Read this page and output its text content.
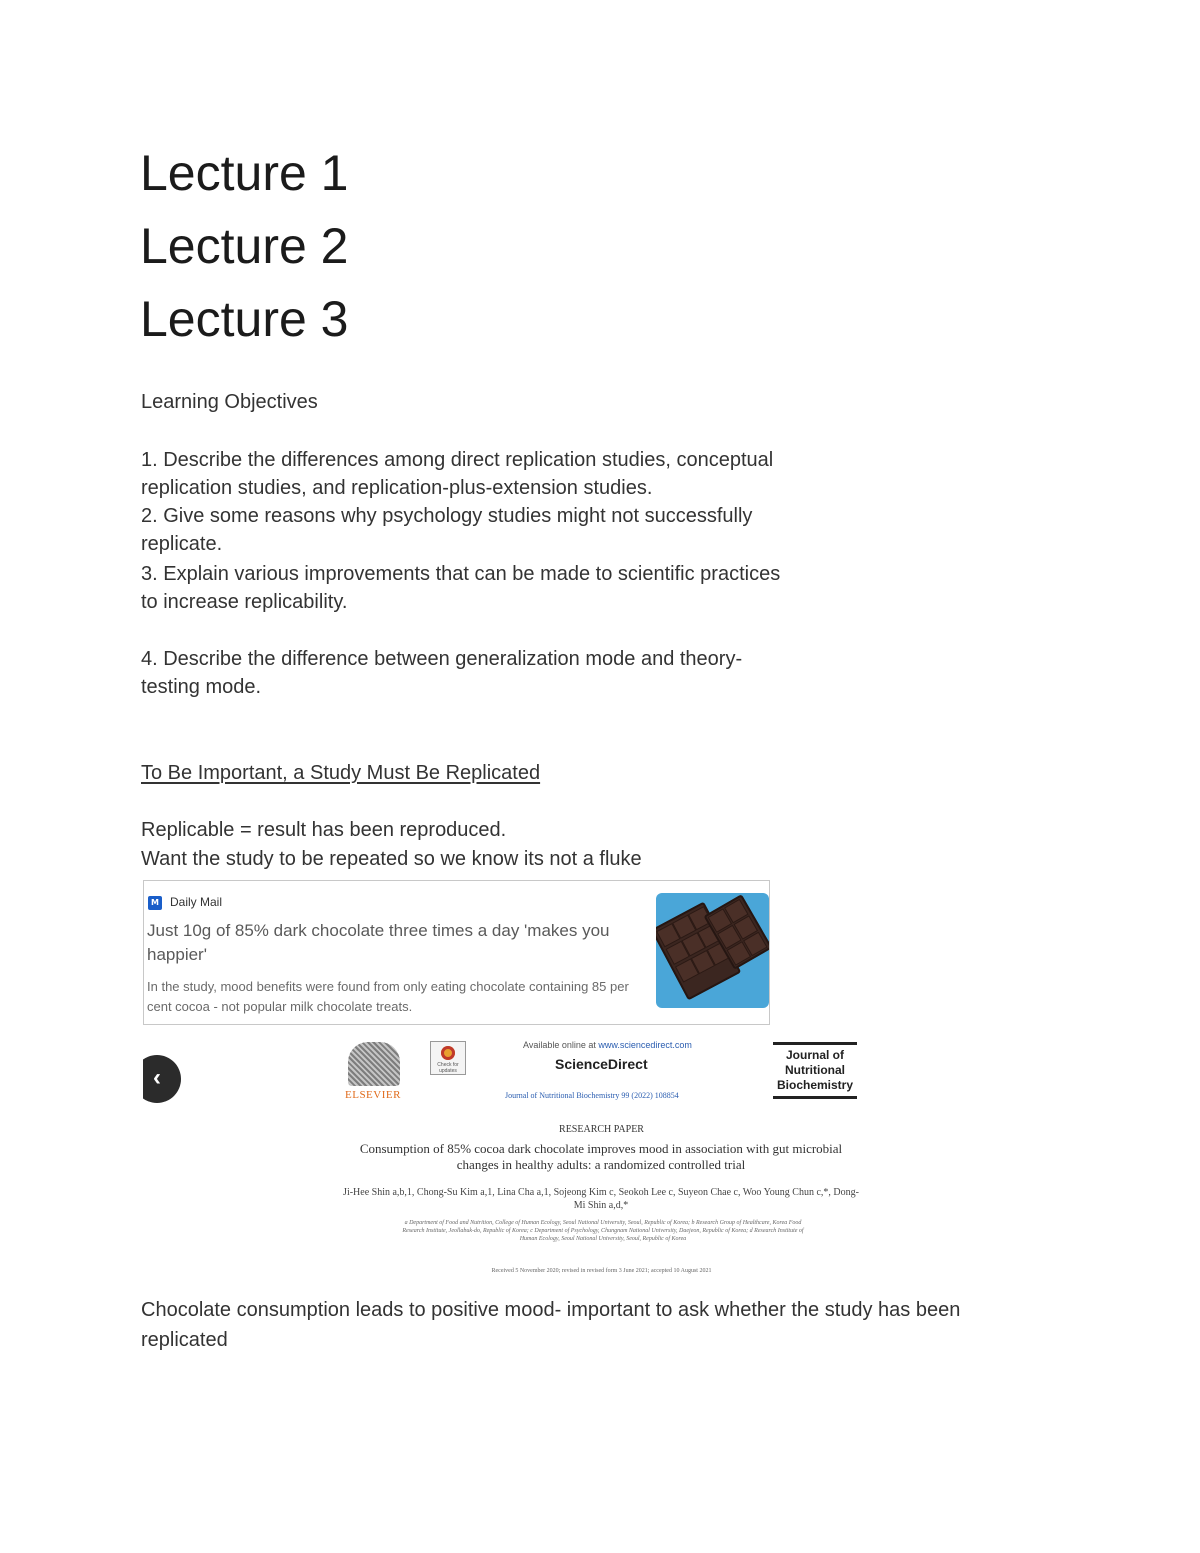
Lecture 1
Lecture 2
Lecture 3

Learning Objectives

1. Describe the differences among direct replication studies, conceptual

replication studies, and replication-plus-extension studies.

2. Give some reasons why psychology studies might not successfully

replicate.

3. Explain various improvements that can be made to scientific practices

to increase replicability.

4. Describe the difference between generalization mode and theory-

testing mode.

To Be Important, a Study Must Be Replicated

Replicable = result has been reproduced.

Want the study to be repeated so we know its not a fluke

M Daily Mail
Just 10g of 85% dark chocolate three times a day 'makes you happier'
In the study, mood benefits were found from only eating chocolate containing 85 per cent cocoa - not popular milk chocolate treats.
‹
ELSEVIER
Check for updates
Available online at www.sciencedirect.com
ScienceDirect
Journal of Nutritional Biochemistry 99 (2022) 108854
Journal of Nutritional Biochemistry
RESEARCH PAPER
Consumption of 85% cocoa dark chocolate improves mood in association with gut microbial changes in healthy adults: a randomized controlled trial
Ji-Hee Shin a,b,1, Chong-Su Kim a,1, Lina Cha a,1, Sojeong Kim c, Seokoh Lee c, Suyeon Chae c, Woo Young Chun c,*, Dong-Mi Shin a,d,*
a Department of Food and Nutrition, College of Human Ecology, Seoul National University, Seoul, Republic of Korea; b Research Group of Healthcare, Korea Food Research Institute, Jeollabuk-do, Republic of Korea; c Department of Psychology, Chungnam National University, Daejeon, Republic of Korea; d Research Institute of Human Ecology, Seoul National University, Seoul, Republic of Korea
Received 5 November 2020; revised in revised form 3 June 2021; accepted 10 August 2021

Chocolate consumption leads to positive mood- important to ask whether the study has been

replicated
